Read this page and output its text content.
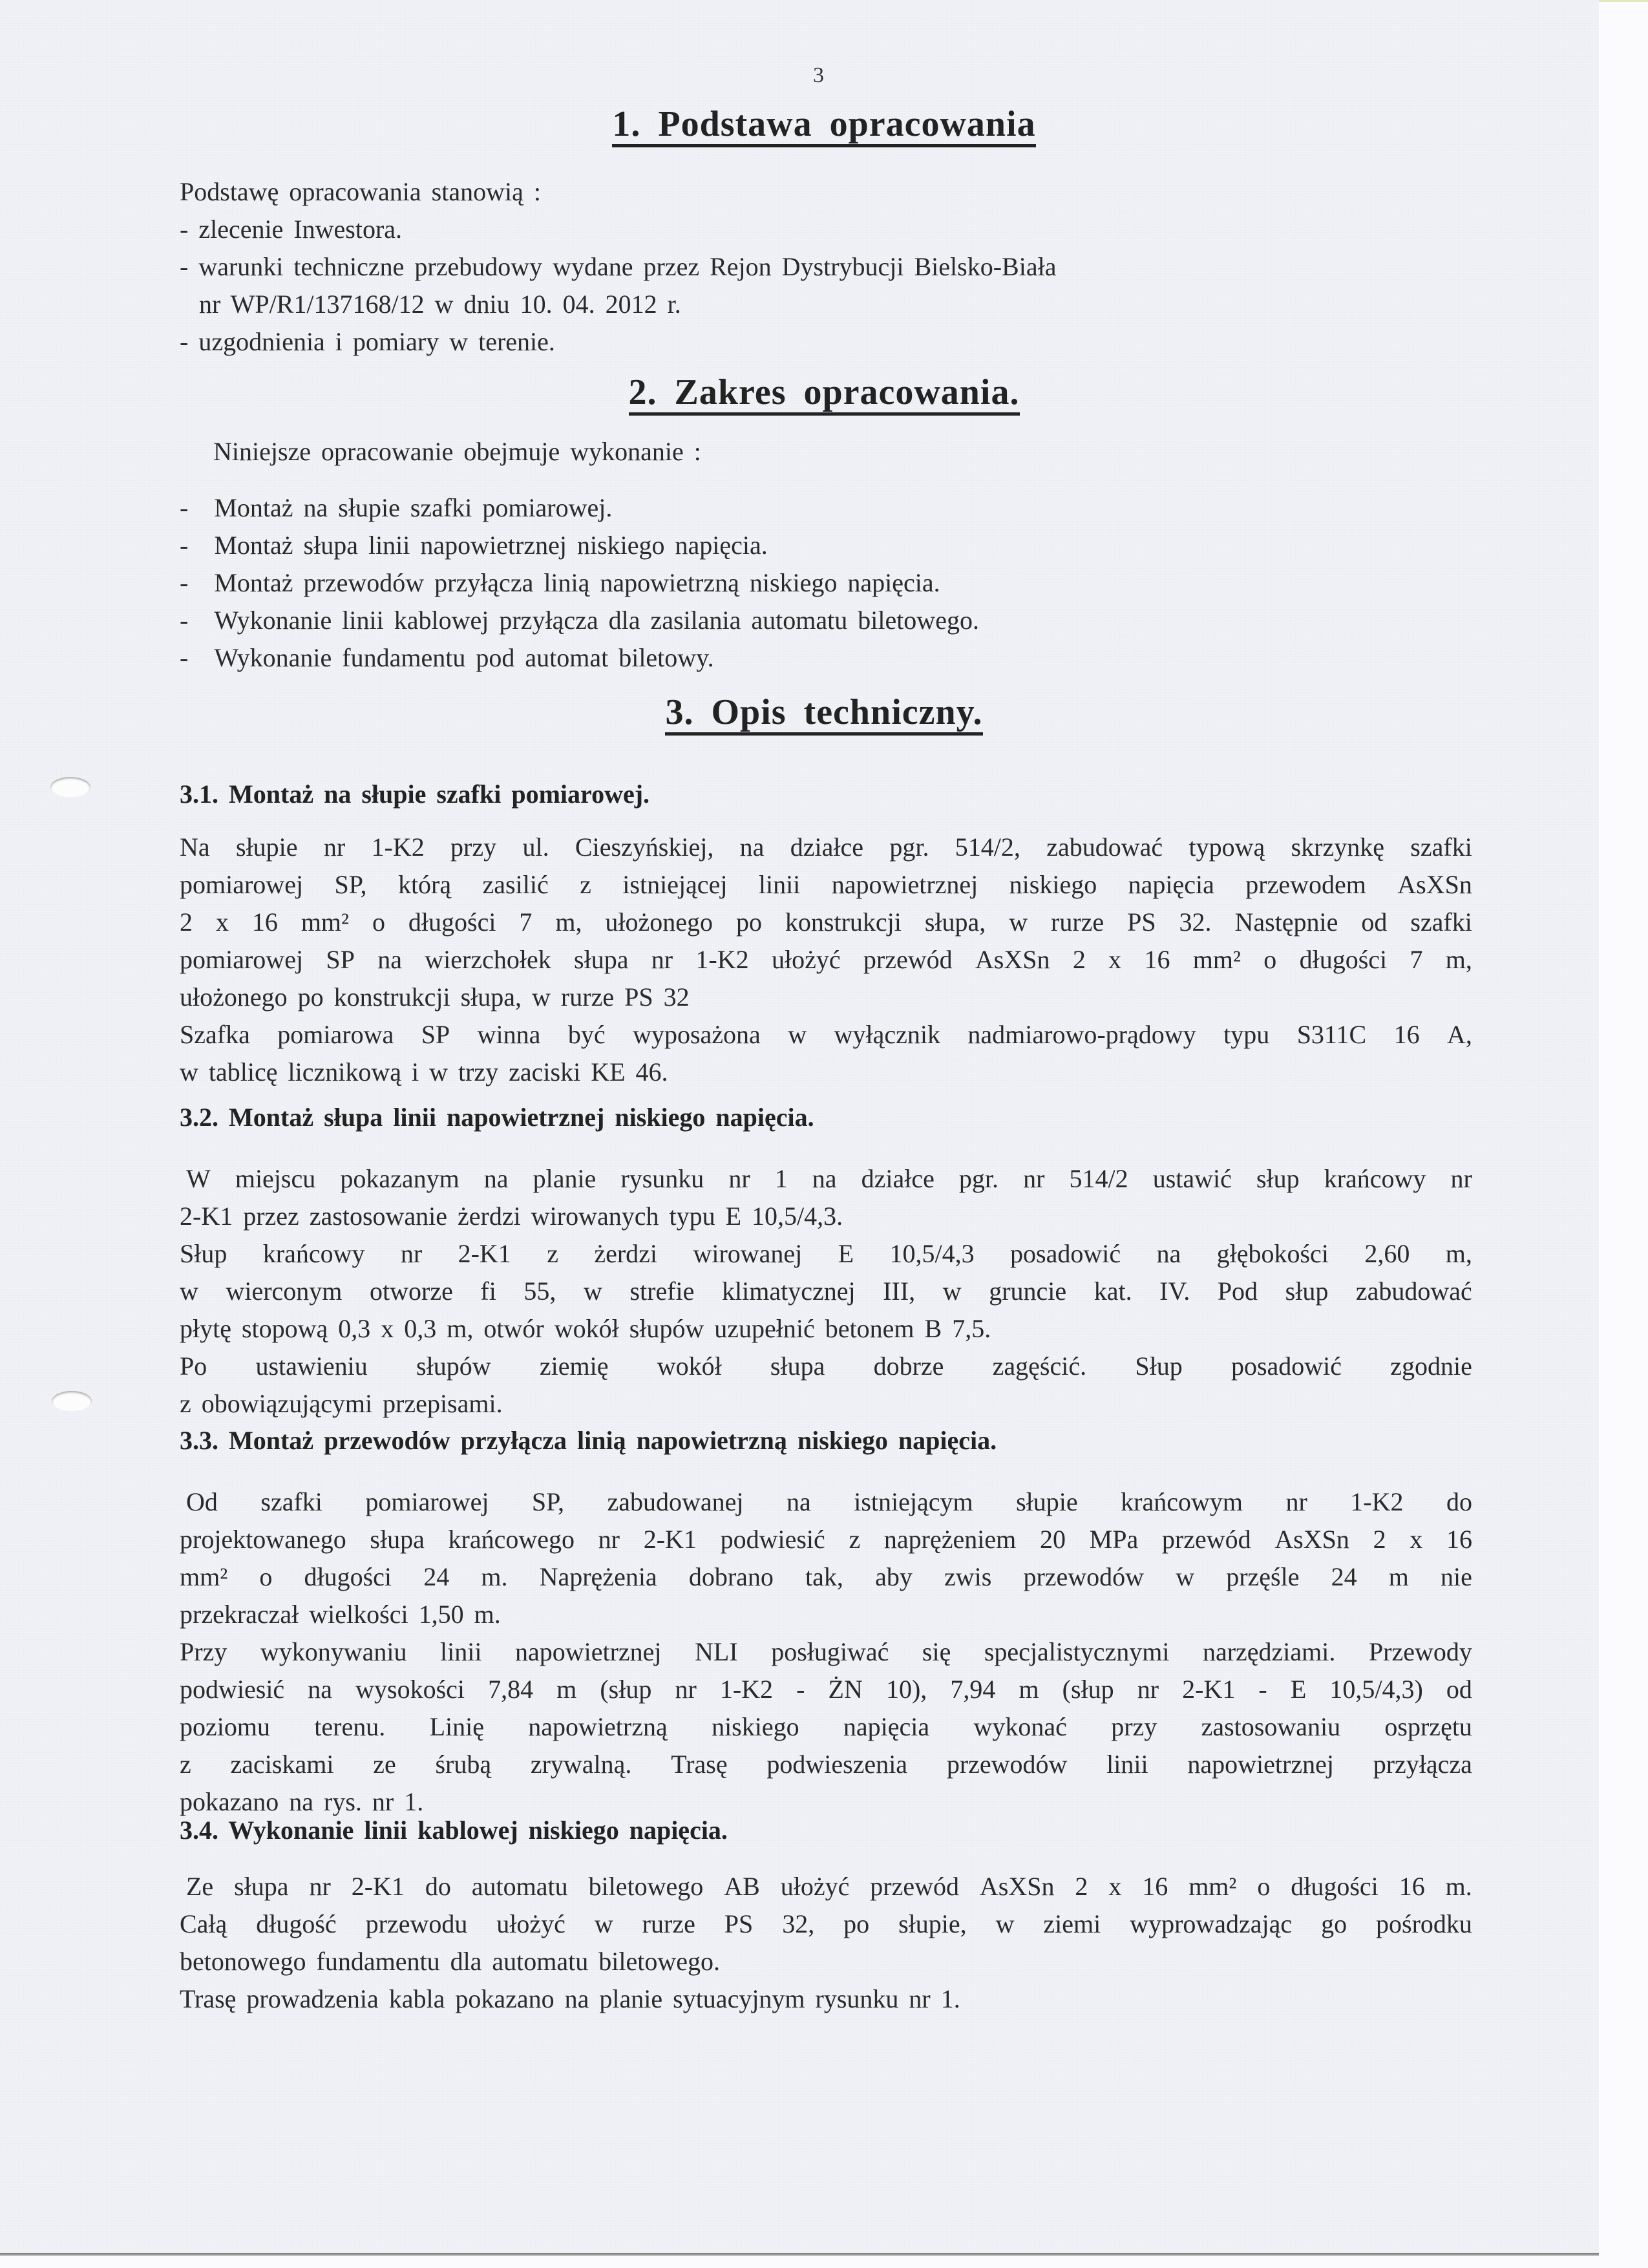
3
1. Podstawa opracowania
Podstawę opracowania stanowią :
- zlecenie Inwestora.
- warunki techniczne przebudowy wydane przez Rejon Dystrybucji Bielsko-Biała
nr WP/R1/137168/12 w dniu 10. 04. 2012 r.
- uzgodnienia i pomiary w terenie.
2. Zakres opracowania.
Niniejsze opracowanie obejmuje wykonanie :
- Montaż na słupie szafki pomiarowej.
- Montaż słupa linii napowietrznej niskiego napięcia.
- Montaż przewodów przyłącza linią napowietrzną niskiego napięcia.
- Wykonanie linii kablowej przyłącza dla zasilania automatu biletowego.
- Wykonanie fundamentu pod automat biletowy.
3. Opis techniczny.
3.1. Montaż na słupie szafki pomiarowej.
Na słupie nr 1-K2 przy ul. Cieszyńskiej, na działce pgr. 514/2, zabudować typową skrzynkę szafki
pomiarowej SP, którą zasilić z istniejącej linii napowietrznej niskiego napięcia przewodem AsXSn
2 x 16 mm² o długości 7 m, ułożonego po konstrukcji słupa, w rurze PS 32. Następnie od szafki
pomiarowej SP na wierzchołek słupa nr 1-K2 ułożyć przewód AsXSn 2 x 16 mm² o długości 7 m,
ułożonego po konstrukcji słupa, w rurze PS 32
Szafka pomiarowa SP winna być wyposażona w wyłącznik nadmiarowo-prądowy typu S311C 16 A,
w tablicę licznikową i w trzy zaciski KE 46.
3.2. Montaż słupa linii napowietrznej niskiego napięcia.
W miejscu pokazanym na planie rysunku nr 1 na działce pgr. nr 514/2 ustawić słup krańcowy nr
2-K1 przez zastosowanie żerdzi wirowanych typu E 10,5/4,3.
Słup krańcowy nr 2-K1 z żerdzi wirowanej E 10,5/4,3 posadowić na głębokości 2,60 m,
w wierconym otworze fi 55, w strefie klimatycznej III, w gruncie kat. IV. Pod słup zabudować
płytę stopową 0,3 x 0,3 m, otwór wokół słupów uzupełnić betonem B 7,5.
Po ustawieniu słupów ziemię wokół słupa dobrze zagęścić. Słup posadowić zgodnie
z obowiązującymi przepisami.
3.3. Montaż przewodów przyłącza linią napowietrzną niskiego napięcia.
Od szafki pomiarowej SP, zabudowanej na istniejącym słupie krańcowym nr 1-K2 do
projektowanego słupa krańcowego nr 2-K1 podwiesić z naprężeniem 20 MPa przewód AsXSn 2 x 16
mm² o długości 24 m. Naprężenia dobrano tak, aby zwis przewodów w przęśle 24 m nie
przekraczał wielkości 1,50 m.
Przy wykonywaniu linii napowietrznej NLI posługiwać się specjalistycznymi narzędziami. Przewody
podwiesić na wysokości 7,84 m (słup nr 1-K2 - ŻN 10), 7,94 m (słup nr 2-K1 - E 10,5/4,3) od
poziomu terenu. Linię napowietrzną niskiego napięcia wykonać przy zastosowaniu osprzętu
z zaciskami ze śrubą zrywalną. Trasę podwieszenia przewodów linii napowietrznej przyłącza
pokazano na rys. nr 1.
3.4. Wykonanie linii kablowej niskiego napięcia.
Ze słupa nr 2-K1 do automatu biletowego AB ułożyć przewód AsXSn 2 x 16 mm² o długości 16 m.
Całą długość przewodu ułożyć w rurze PS 32, po słupie, w ziemi wyprowadzając go pośrodku
betonowego fundamentu dla automatu biletowego.
Trasę prowadzenia kabla pokazano na planie sytuacyjnym rysunku nr 1.
